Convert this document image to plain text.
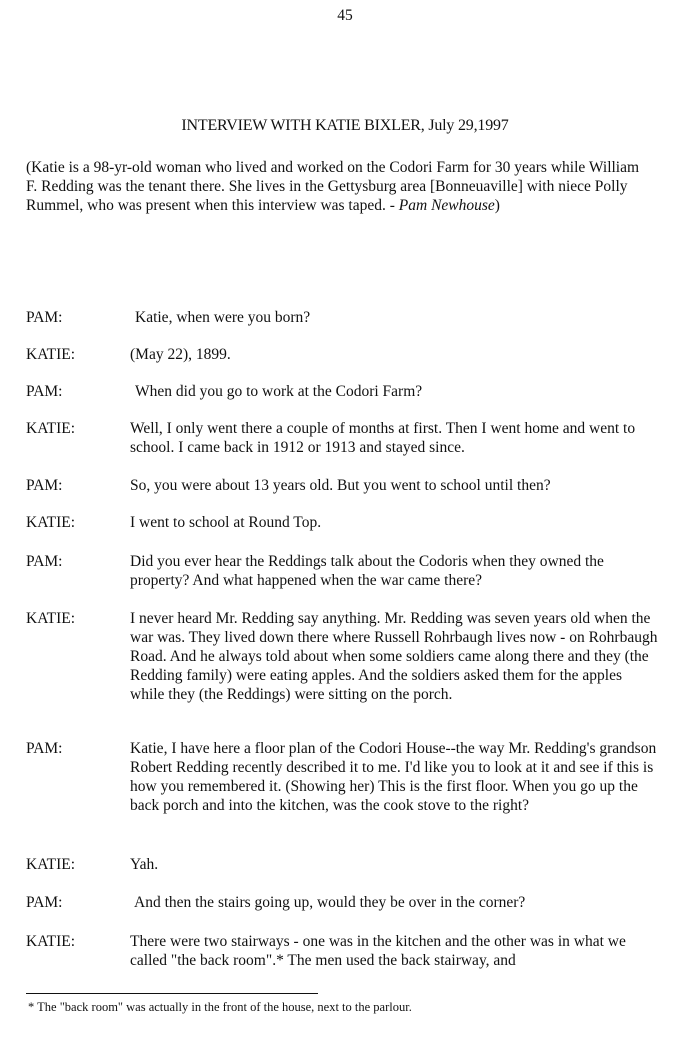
45
INTERVIEW WITH KATIE BIXLER, July 29,1997
(Katie is a 98-yr-old woman who lived and worked on the Codori Farm for 30 years while William F. Redding was the tenant there. She lives in the Gettysburg area [Bonneuaville] with niece Polly Rummel, who was present when this interview was taped. - Pam Newhouse)
PAM:	Katie, when were you born?
KATIE:	(May 22), 1899.
PAM:	When did you go to work at the Codori Farm?
KATIE:	Well, I only went there a couple of months at first. Then I went home and went to school. I came back in 1912 or 1913 and stayed since.
PAM:	So, you were about 13 years old. But you went to school until then?
KATIE:	I went to school at Round Top.
PAM:	Did you ever hear the Reddings talk about the Codoris when they owned the property? And what happened when the war came there?
KATIE:	I never heard Mr. Redding say anything. Mr. Redding was seven years old when the war was. They lived down there where Russell Rohrbaugh lives now - on Rohrbaugh Road. And he always told about when some soldiers came along there and they (the Redding family) were eating apples. And the soldiers asked them for the apples while they (the Reddings) were sitting on the porch.
PAM:	Katie, I have here a floor plan of the Codori House--the way Mr. Redding's grandson Robert Redding recently described it to me. I'd like you to look at it and see if this is how you remembered it. (Showing her) This is the first floor. When you go up the back porch and into the kitchen, was the cook stove to the right?
KATIE:	Yah.
PAM:	And then the stairs going up, would they be over in the corner?
KATIE:	There were two stairways - one was in the kitchen and the other was in what we called "the back room".* The men used the back stairway, and
* The "back room" was actually in the front of the house, next to the parlour.
